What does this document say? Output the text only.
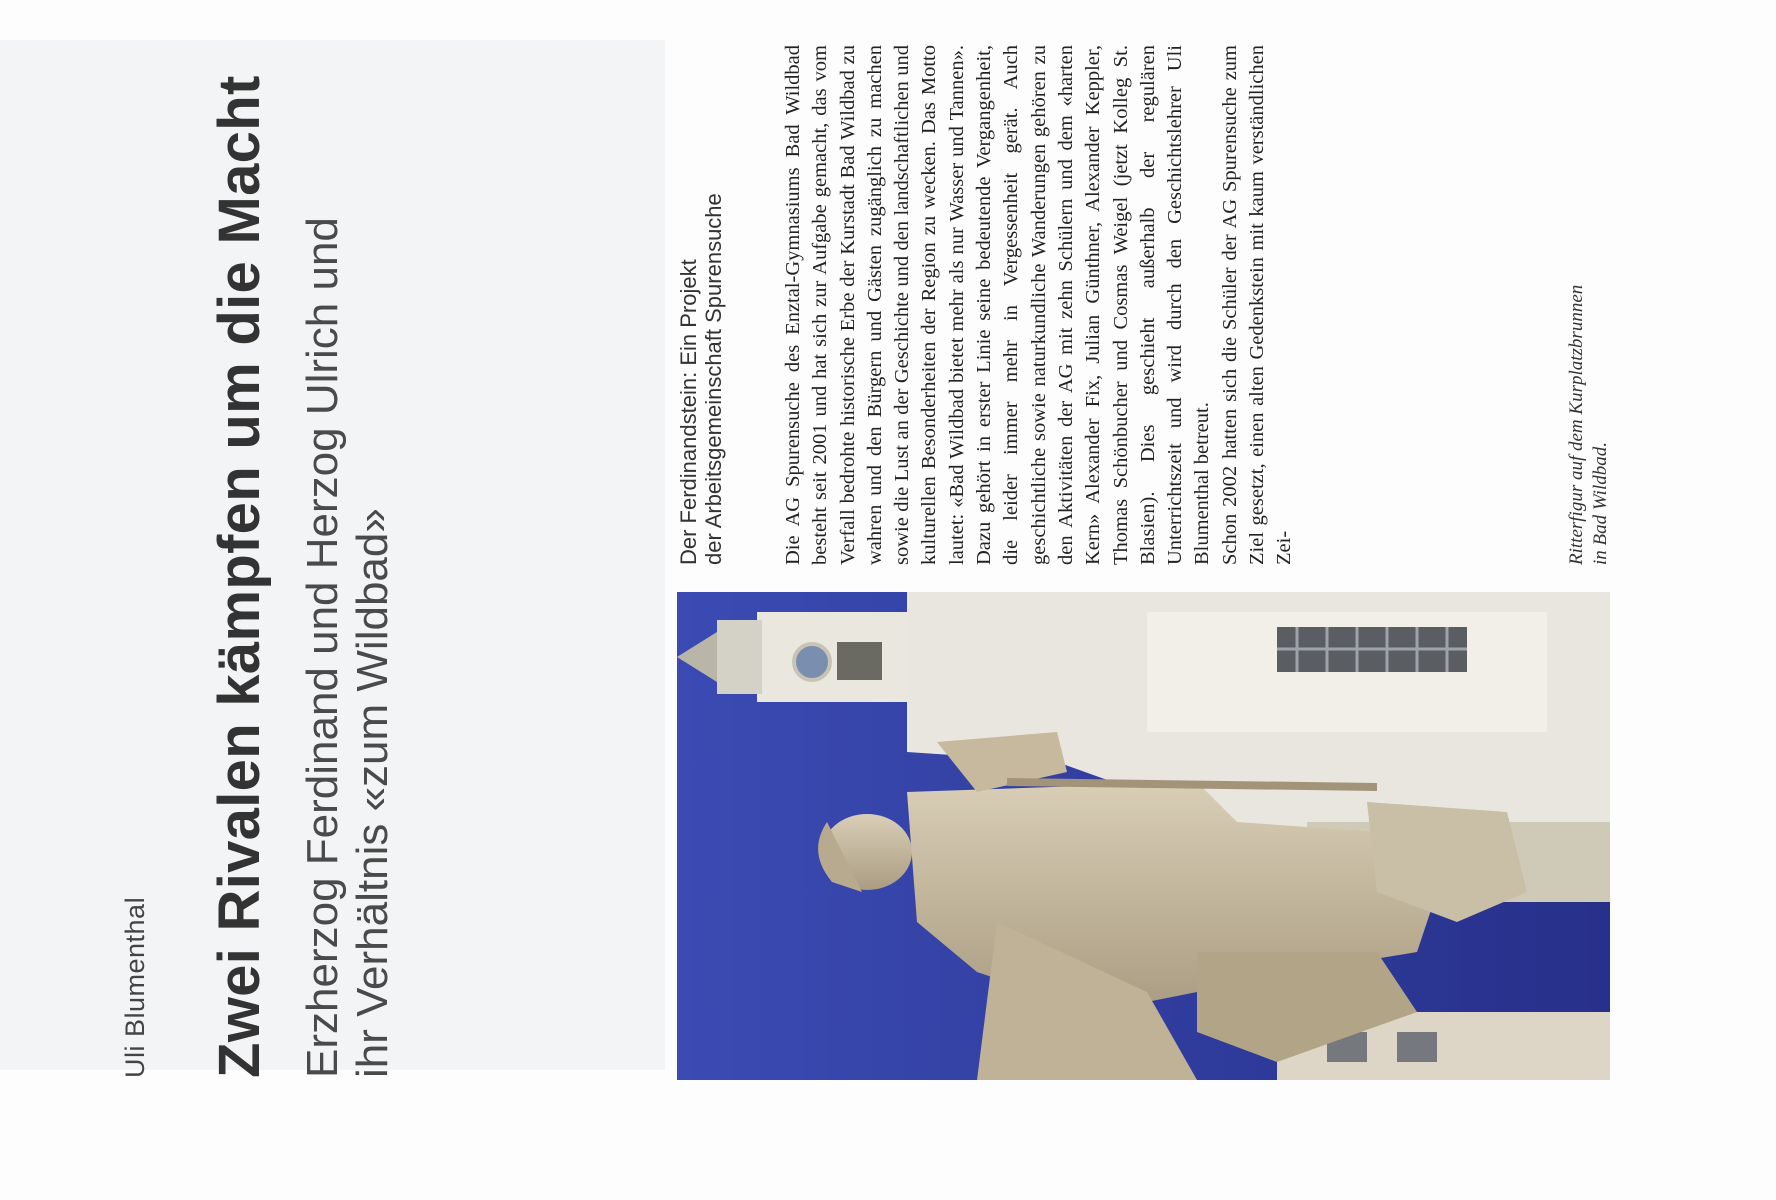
Uli Blumenthal Zwei Rivalen kämpfen um die Macht Erzherzog Ferdinand und Herzog Ulrich und
ihr Verhältnis «zum Wildbad»
Der Ferdinandstein: Ein Projekt
der Arbeitsgemeinschaft Spurensuche	Die AG Spurensuche des Enztal-Gymnasiums Bad Wildbad besteht seit 2001 und hat sich zur Aufgabe gemacht, das vom Verfall bedrohte historische Erbe der Kurstadt Bad Wildbad zu wahren und den Bürgern und Gästen zugänglich zu machen sowie die Lust an der Geschichte und den landschaftlichen und kulturellen Besonderheiten der Region zu wecken. Das Motto lautet: «Bad Wildbad bietet mehr als nur Wasser und Tannen». Dazu gehört in erster Linie seine bedeutende Vergangenheit, die leider immer mehr in Vergessenheit gerät. Auch geschichtliche sowie naturkundliche Wanderungen gehören zu den Aktivitäten der AG mit zehn Schülern und dem «harten Kern» Alexander Fix, Julian Günthner, Alexander Keppler, Thomas Schönbucher und Cosmas Weigel (jetzt Kolleg St. Blasien). Dies geschieht außerhalb der regulären Unterrichtszeit und wird durch den Geschichtslehrer Uli Blumenthal betreut. Schon 2002 hatten sich die Schüler der AG Spurensuche zum Ziel gesetzt, einen alten Gedenkstein mit kaum verständlichen Zei-	Ritterfigur auf dem Kurplatzbrunnen in Bad Wildbad.
